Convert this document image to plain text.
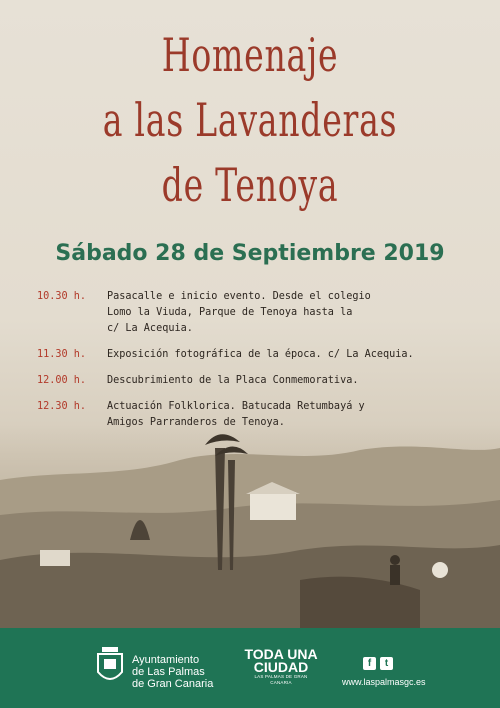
Homenaje
a las Lavanderas
de Tenoya
Sábado 28 de Septiembre 2019
10.30 h.	Pasacalle e inicio evento. Desde el colegio
Lomo la Viuda, Parque de Tenoya hasta la
c/ La Acequia.
11.30 h.	Exposición fotográfica de la época. c/ La Acequia.
12.00 h.	Descubrimiento de la Placa Conmemorativa.
12.30 h.	Actuación Folklorica. Batucada Retumbayá y

Ayuntamiento
de Las Palmas
de Gran Canaria
TODA UNA
CIUDAD
LAS PALMAS DE GRAN CANARIA
f	t
www.laspalmasgc.es
